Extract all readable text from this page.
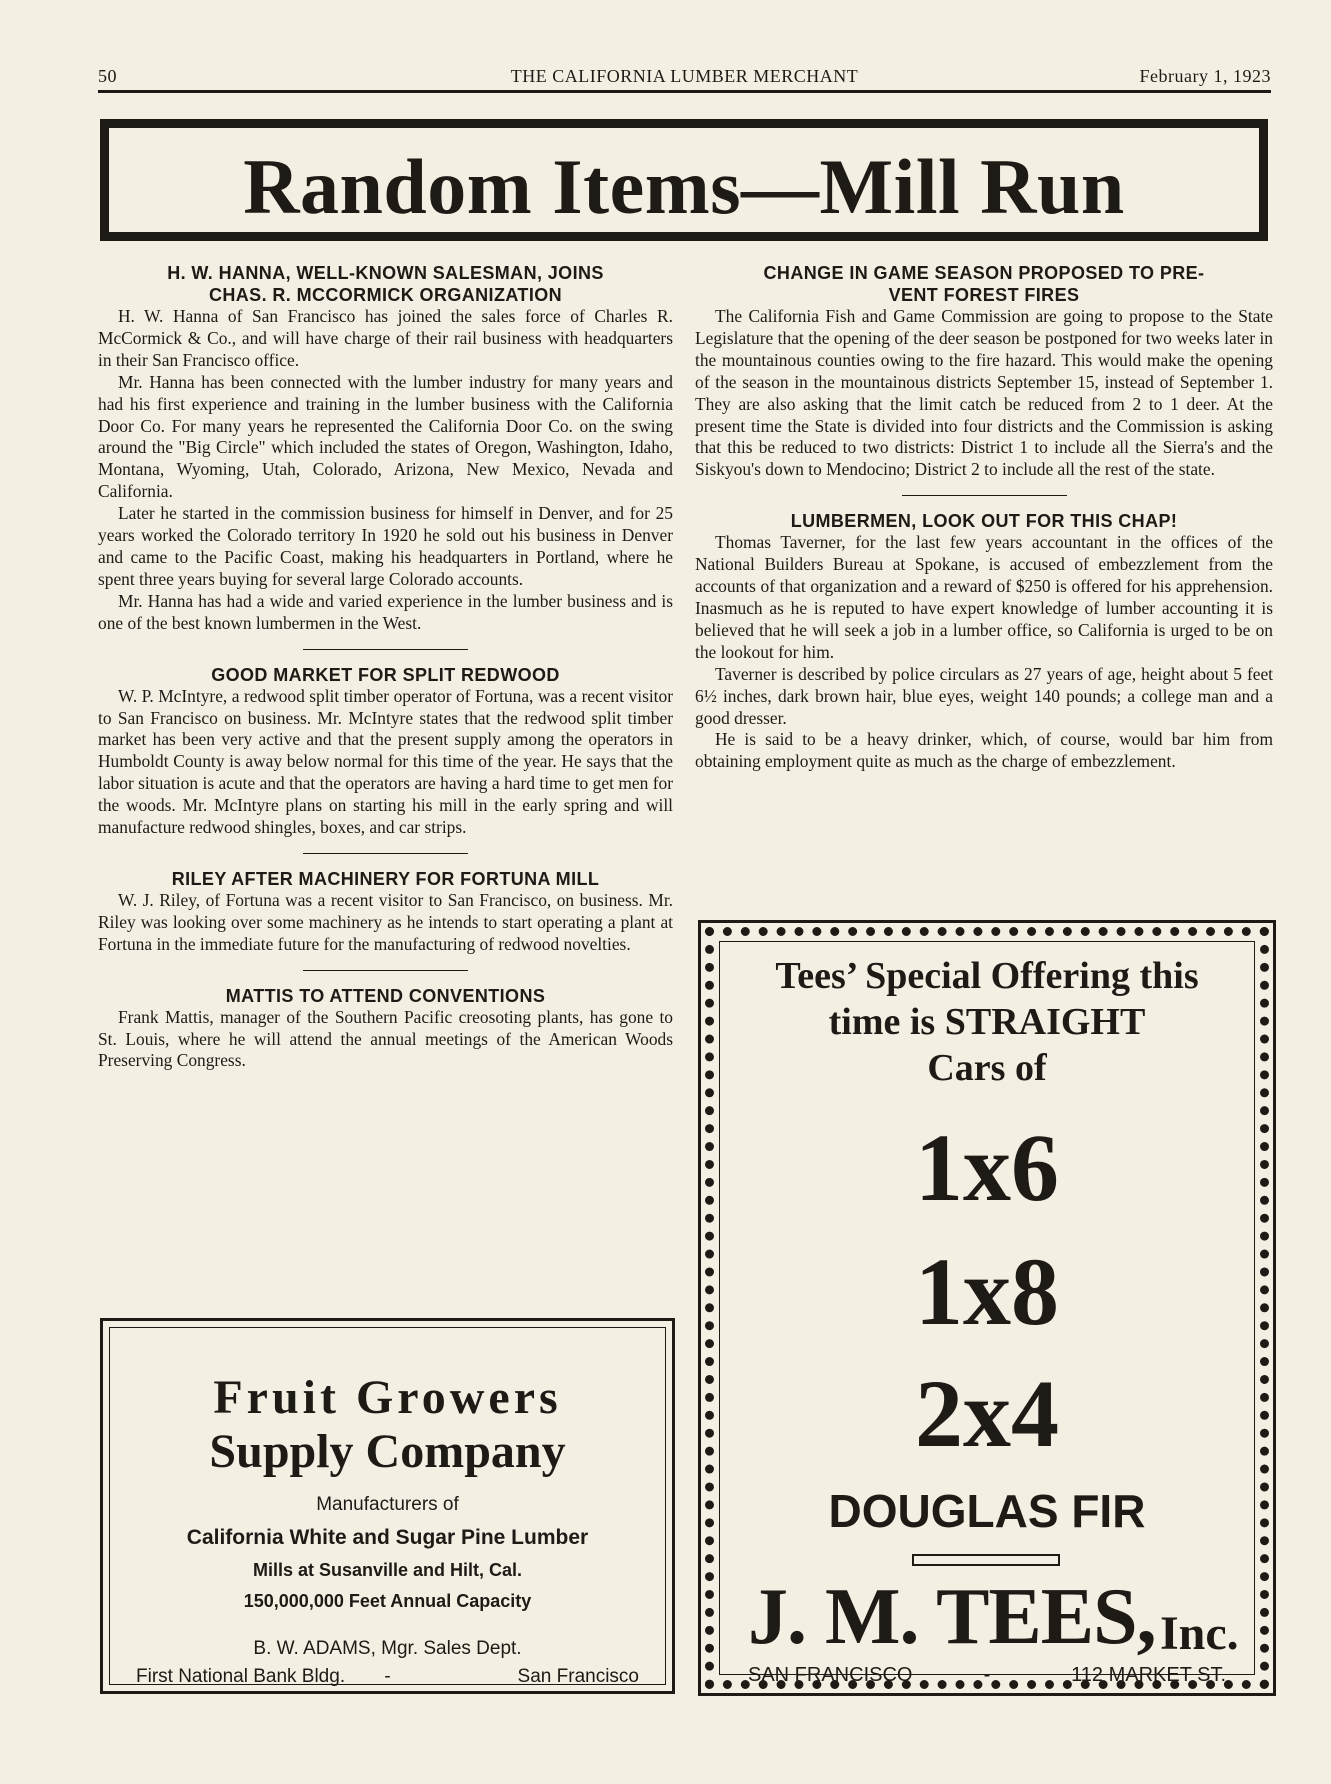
50	THE CALIFORNIA LUMBER MERCHANT	February 1, 1923
Random Items—Mill Run

H. W. HANNA, WELL-KNOWN SALESMAN, JOINS
CHAS. R. MCCORMICK ORGANIZATION

H. W. Hanna of San Francisco has joined the sales force of Charles R. McCormick & Co., and will have charge of their rail business with headquarters in their San Francisco office.

Mr. Hanna has been connected with the lumber industry for many years and had his first experience and training in the lumber business with the California Door Co. For many years he represented the California Door Co. on the swing around the "Big Circle" which included the states of Oregon, Washington, Idaho, Montana, Wyoming, Utah, Colorado, Arizona, New Mexico, Nevada and California.

Later he started in the commission business for himself in Denver, and for 25 years worked the Colorado territory In 1920 he sold out his business in Denver and came to the Pacific Coast, making his headquarters in Portland, where he spent three years buying for several large Colorado accounts.

Mr. Hanna has had a wide and varied experience in the lumber business and is one of the best known lumbermen in the West.

GOOD MARKET FOR SPLIT REDWOOD

W. P. McIntyre, a redwood split timber operator of Fortuna, was a recent visitor to San Francisco on business. Mr. McIntyre states that the redwood split timber market has been very active and that the present supply among the operators in Humboldt County is away below normal for this time of the year. He says that the labor situation is acute and that the operators are having a hard time to get men for the woods. Mr. McIntyre plans on starting his mill in the early spring and will manufacture redwood shingles, boxes, and car strips.

RILEY AFTER MACHINERY FOR FORTUNA MILL

W. J. Riley, of Fortuna was a recent visitor to San Francisco, on business. Mr. Riley was looking over some machinery as he intends to start operating a plant at Fortuna in the immediate future for the manufacturing of redwood novelties.

MATTIS TO ATTEND CONVENTIONS

Frank Mattis, manager of the Southern Pacific creosoting plants, has gone to St. Louis, where he will attend the annual meetings of the American Woods Preserving Congress.

CHANGE IN GAME SEASON PROPOSED TO PRE-
VENT FOREST FIRES

The California Fish and Game Commission are going to propose to the State Legislature that the opening of the deer season be postponed for two weeks later in the mountainous counties owing to the fire hazard. This would make the opening of the season in the mountainous districts September 15, instead of September 1. They are also asking that the limit catch be reduced from 2 to 1 deer. At the present time the State is divided into four districts and the Commission is asking that this be reduced to two districts: District 1 to include all the Sierra's and the Siskyou's down to Mendocino; District 2 to include all the rest of the state.

LUMBERMEN, LOOK OUT FOR THIS CHAP!

Thomas Taverner, for the last few years accountant in the offices of the National Builders Bureau at Spokane, is accused of embezzlement from the accounts of that organization and a reward of $250 is offered for his apprehension. Inasmuch as he is reputed to have expert knowledge of lumber accounting it is believed that he will seek a job in a lumber office, so California is urged to be on the lookout for him.

Taverner is described by police circulars as 27 years of age, height about 5 feet 6½ inches, dark brown hair, blue eyes, weight 140 pounds; a college man and a good dresser.

He is said to be a heavy drinker, which, of course, would bar him from obtaining employment quite as much as the charge of embezzlement.

Fruit Growers
Supply Company
Manufacturers of
California White and Sugar Pine Lumber
Mills at Susanville and Hilt, Cal.
150,000,000 Feet Annual Capacity
B. W. ADAMS, Mgr. Sales Dept.
First National Bank Bldg.	-	San Francisco
Tees’ Special Offering this
time is STRAIGHT
Cars of
1x6
1x8
2x4
DOUGLAS FIR
J. M. TEES, Inc.
SAN FRANCISCO	-	112 MARKET ST.
